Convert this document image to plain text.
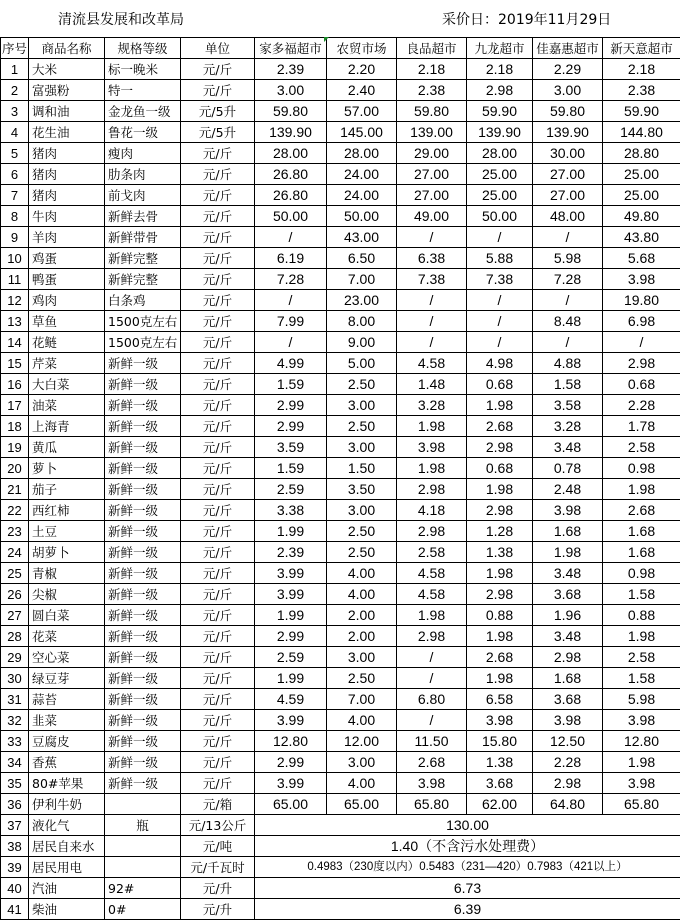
清流县发展和改革局	采价日：2019年11月29日
序号	商品名称	规格等级	单位	家多福超市	农贸市场	良品超市	九龙超市	佳嘉惠超市	新天意超市
1	大米	标一晚米	元/斤	2.39	2.20	2.18	2.18	2.29	2.18
2	富强粉	特一	元/斤	3.00	2.40	2.38	2.98	3.00	2.38
3	调和油	金龙鱼一级	元/5升	59.80	57.00	59.80	59.90	59.80	59.90
4	花生油	鲁花一级	元/5升	139.90	145.00	139.00	139.90	139.90	144.80
5	猪肉	瘦肉	元/斤	28.00	28.00	29.00	28.00	30.00	28.80
6	猪肉	肋条肉	元/斤	26.80	24.00	27.00	25.00	27.00	25.00
7	猪肉	前戈肉	元/斤	26.80	24.00	27.00	25.00	27.00	25.00
8	牛肉	新鲜去骨	元/斤	50.00	50.00	49.00	50.00	48.00	49.80
9	羊肉	新鲜带骨	元/斤	/	43.00	/	/	/	43.80
10	鸡蛋	新鲜完整	元/斤	6.19	6.50	6.38	5.88	5.98	5.68
11	鸭蛋	新鲜完整	元/斤	7.28	7.00	7.38	7.38	7.28	3.98
12	鸡肉	白条鸡	元/斤	/	23.00	/	/	/	19.80
13	草鱼	1500克左右	元/斤	7.99	8.00	/	/	8.48	6.98
14	花鲢	1500克左右	元/斤	/	9.00	/	/	/	/
15	芹菜	新鲜一级	元/斤	4.99	5.00	4.58	4.98	4.88	2.98
16	大白菜	新鲜一级	元/斤	1.59	2.50	1.48	0.68	1.58	0.68
17	油菜	新鲜一级	元/斤	2.99	3.00	3.28	1.98	3.58	2.28
18	上海青	新鲜一级	元/斤	2.99	2.50	1.98	2.68	3.28	1.78
19	黄瓜	新鲜一级	元/斤	3.59	3.00	3.98	2.98	3.48	2.58
20	萝卜	新鲜一级	元/斤	1.59	1.50	1.98	0.68	0.78	0.98
21	茄子	新鲜一级	元/斤	2.59	3.50	2.98	1.98	2.48	1.98
22	西红柿	新鲜一级	元/斤	3.38	3.00	4.18	2.98	3.98	2.68
23	土豆	新鲜一级	元/斤	1.99	2.50	2.98	1.28	1.68	1.68
24	胡萝卜	新鲜一级	元/斤	2.39	2.50	2.58	1.38	1.98	1.68
25	青椒	新鲜一级	元/斤	3.99	4.00	4.58	1.98	3.48	0.98
26	尖椒	新鲜一级	元/斤	3.99	4.00	4.58	2.98	3.68	1.58
27	圆白菜	新鲜一级	元/斤	1.99	2.00	1.98	0.88	1.96	0.88
28	花菜	新鲜一级	元/斤	2.99	2.00	2.98	1.98	3.48	1.98
29	空心菜	新鲜一级	元/斤	2.59	3.00	/	2.68	2.98	2.58
30	绿豆芽	新鲜一级	元/斤	1.99	2.50	/	1.98	1.68	1.58
31	蒜苔	新鲜一级	元/斤	4.59	7.00	6.80	6.58	3.68	5.98
32	韭菜	新鲜一级	元/斤	3.99	4.00	/	3.98	3.98	3.98
33	豆腐皮	新鲜一级	元/斤	12.80	12.00	11.50	15.80	12.50	12.80
34	香蕉	新鲜一级	元/斤	2.99	3.00	2.68	1.38	2.28	1.98
35	80#苹果	新鲜一级	元/斤	3.99	4.00	3.98	3.68	2.98	3.98
36	伊利牛奶		元/箱	65.00	65.00	65.80	62.00	64.80	65.80
37	液化气	瓶	元/13公斤	130.00					
38	居民自来水		元/吨	1.40（不含污水处理费）					
39	居民用电		元/千瓦时	0.4983（230度以内）0.5483（231—420）0.7983（421以上）					
40	汽油	92#	元/升	6.73					
41	柴油	0#	元/升	6.39					
